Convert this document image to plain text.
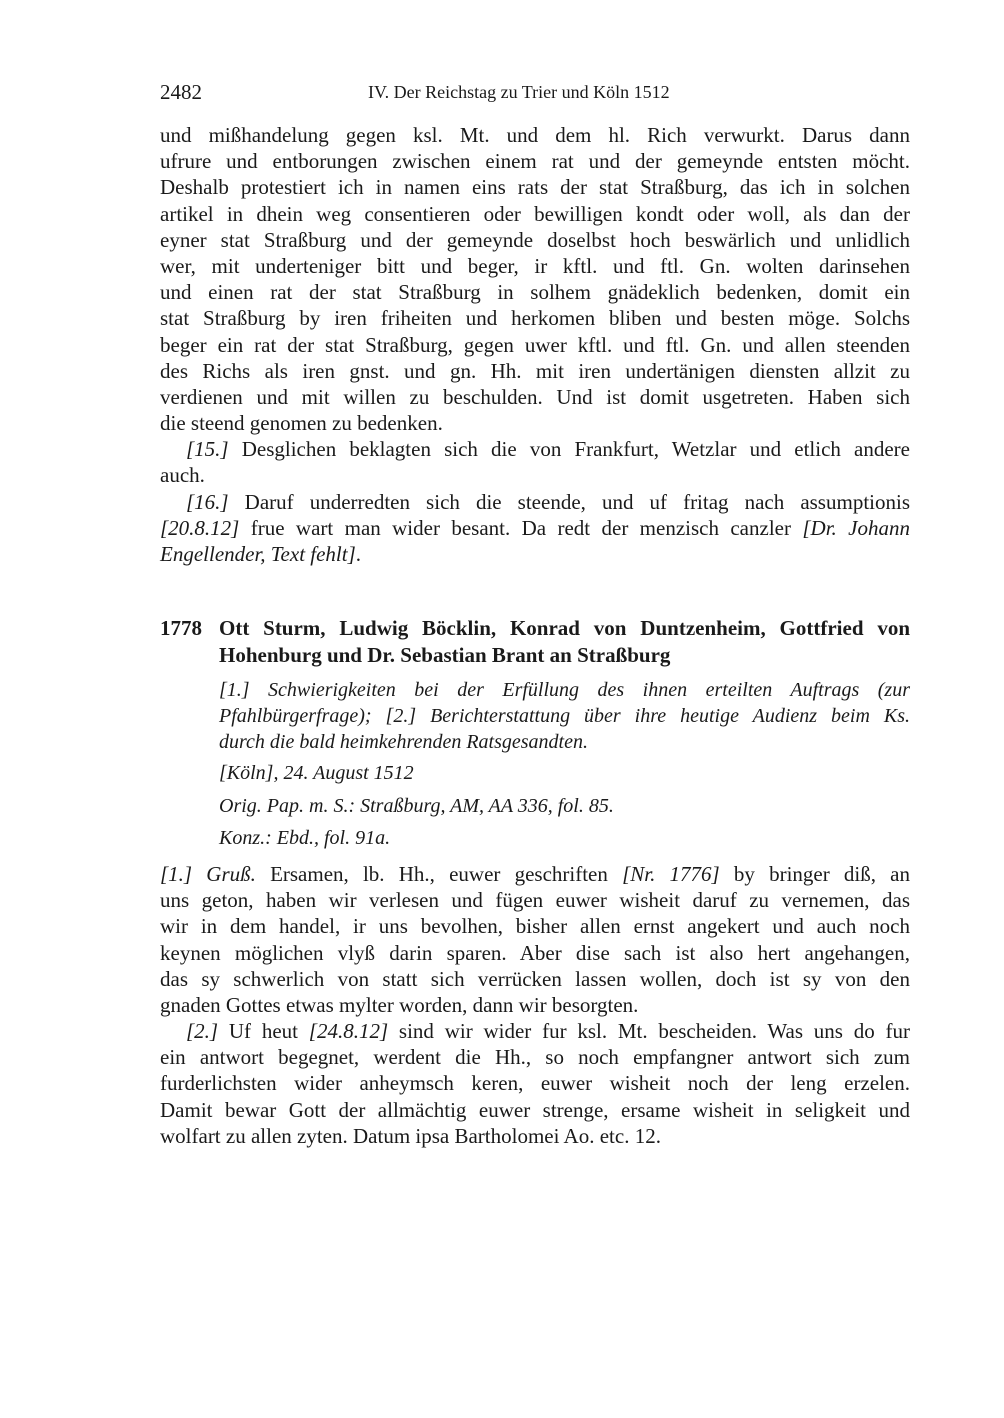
2482	IV. Der Reichstag zu Trier und Köln 1512
und mißhandelung gegen ksl. Mt. und dem hl. Rich verwurkt. Darus dann
ufrure und entborungen zwischen einem rat und der gemeynde entsten möcht.
Deshalb protestiert ich in namen eins rats der stat Straßburg, das ich in solchen
artikel in dhein weg consentieren oder bewilligen kondt oder woll, als dan der
eyner stat Straßburg und der gemeynde doselbst hoch beswärlich und unlidlich
wer, mit underteniger bitt und beger, ir kftl. und ftl. Gn. wolten darinsehen
und einen rat der stat Straßburg in solhem gnädeklich bedenken, domit ein
stat Straßburg by iren friheiten und herkomen bliben und besten möge. Solchs
beger ein rat der stat Straßburg, gegen uwer kftl. und ftl. Gn. und allen steenden
des Richs als iren gnst. und gn. Hh. mit iren undertänigen diensten allzit zu
verdienen und mit willen zu beschulden. Und ist domit usgetreten. Haben sich
die steend genomen zu bedenken.
[15.] Desglichen beklagten sich die von Frankfurt, Wetzlar und etlich andere
auch.
[16.] Daruf underredten sich die steende, und uf fritag nach assumptionis
[20.8.12] frue wart man wider besant. Da redt der menzisch canzler [Dr. Johann
Engellender, Text fehlt].
1778 Ott Sturm, Ludwig Böcklin, Konrad von Duntzenheim, Gottfried von
Hohenburg und Dr. Sebastian Brant an Straßburg
[1.] Schwierigkeiten bei der Erfüllung des ihnen erteilten Auftrags (zur
Pfahlbürgerfrage); [2.] Berichterstattung über ihre heutige Audienz beim Ks.
durch die bald heimkehrenden Ratsgesandten.
[Köln], 24. August 1512
Orig. Pap. m. S.: Straßburg, AM, AA 336, fol. 85.
Konz.: Ebd., fol. 91a.
[1.] Gruß. Ersamen, lb. Hh., euwer geschriften [Nr. 1776] by bringer diß, an
uns geton, haben wir verlesen und fügen euwer wisheit daruf zu vernemen, das
wir in dem handel, ir uns bevolhen, bisher allen ernst angekert und auch noch
keynen möglichen vlyß darin sparen. Aber dise sach ist also hert angehangen,
das sy schwerlich von statt sich verrücken lassen wollen, doch ist sy von den
gnaden Gottes etwas mylter worden, dann wir besorgten.
[2.] Uf heut [24.8.12] sind wir wider fur ksl. Mt. bescheiden. Was uns do fur
ein antwort begegnet, werdent die Hh., so noch empfangner antwort sich zum
furderlichsten wider anheymsch keren, euwer wisheit noch der leng erzelen.
Damit bewar Gott der allmächtig euwer strenge, ersame wisheit in seligkeit und
wolfart zu allen zyten. Datum ipsa Bartholomei Ao. etc. 12.
